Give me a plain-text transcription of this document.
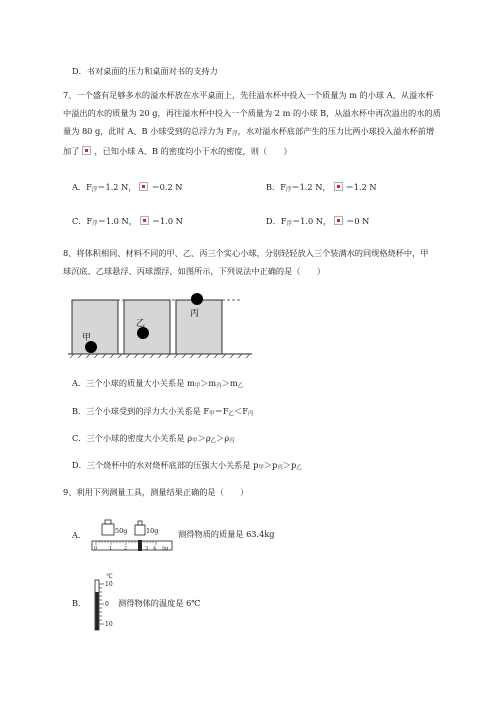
D．书对桌面的压力和桌面对书的支持力
7、一个盛有足够多水的溢水杯放在水平桌面上，先往溢水杯中投入一个质量为 m 的小球 A，从溢水杯
中溢出的水的质量为 20 g，再往溢水杯中投入一个质量为 2 m 的小球 B，从溢水杯中再次溢出的水的质
量为 80 g，此时 A、B 小球受到的总浮力为 F浮，水对溢水杯底部产生的压力比两小球投入溢水杯前增
加了 ，已知小球 A、B 的密度均小于水的密度，则（　　）
A．F浮＝1.2 N， ＝0.2 N	B．F浮＝1.2 N， ＝1.2 N
C．F浮＝1.0 N， ＝1.0 N	D．F浮＝1.0 N， ＝0 N
8、将体积相同、材料不同的甲、乙、丙三个实心小球，分别轻轻放入三个装满水的同规格烧杯中，甲
球沉底、乙球悬浮、丙球漂浮，如图所示，下列说法中正确的是（　　）
甲
乙
丙
A．三个小球的质量大小关系是 m甲＞m丙＞m乙
B．三个小球受到的浮力大小关系是 F甲＝F乙＜F丙
C．三个小球的密度大小关系是 ρ甲＞ρ乙＞ρ丙
D．三个烧杯中的水对烧杯底部的压强大小关系是 p甲＞p丙＞p乙
9、利用下列测量工具，测量结果正确的是（　　）
A．	50g	10g
0 1 2	3 4 5g
测得物质的质量是 63.4kg
B．
℃
10
0
10
测得物体的温度是 6℃
